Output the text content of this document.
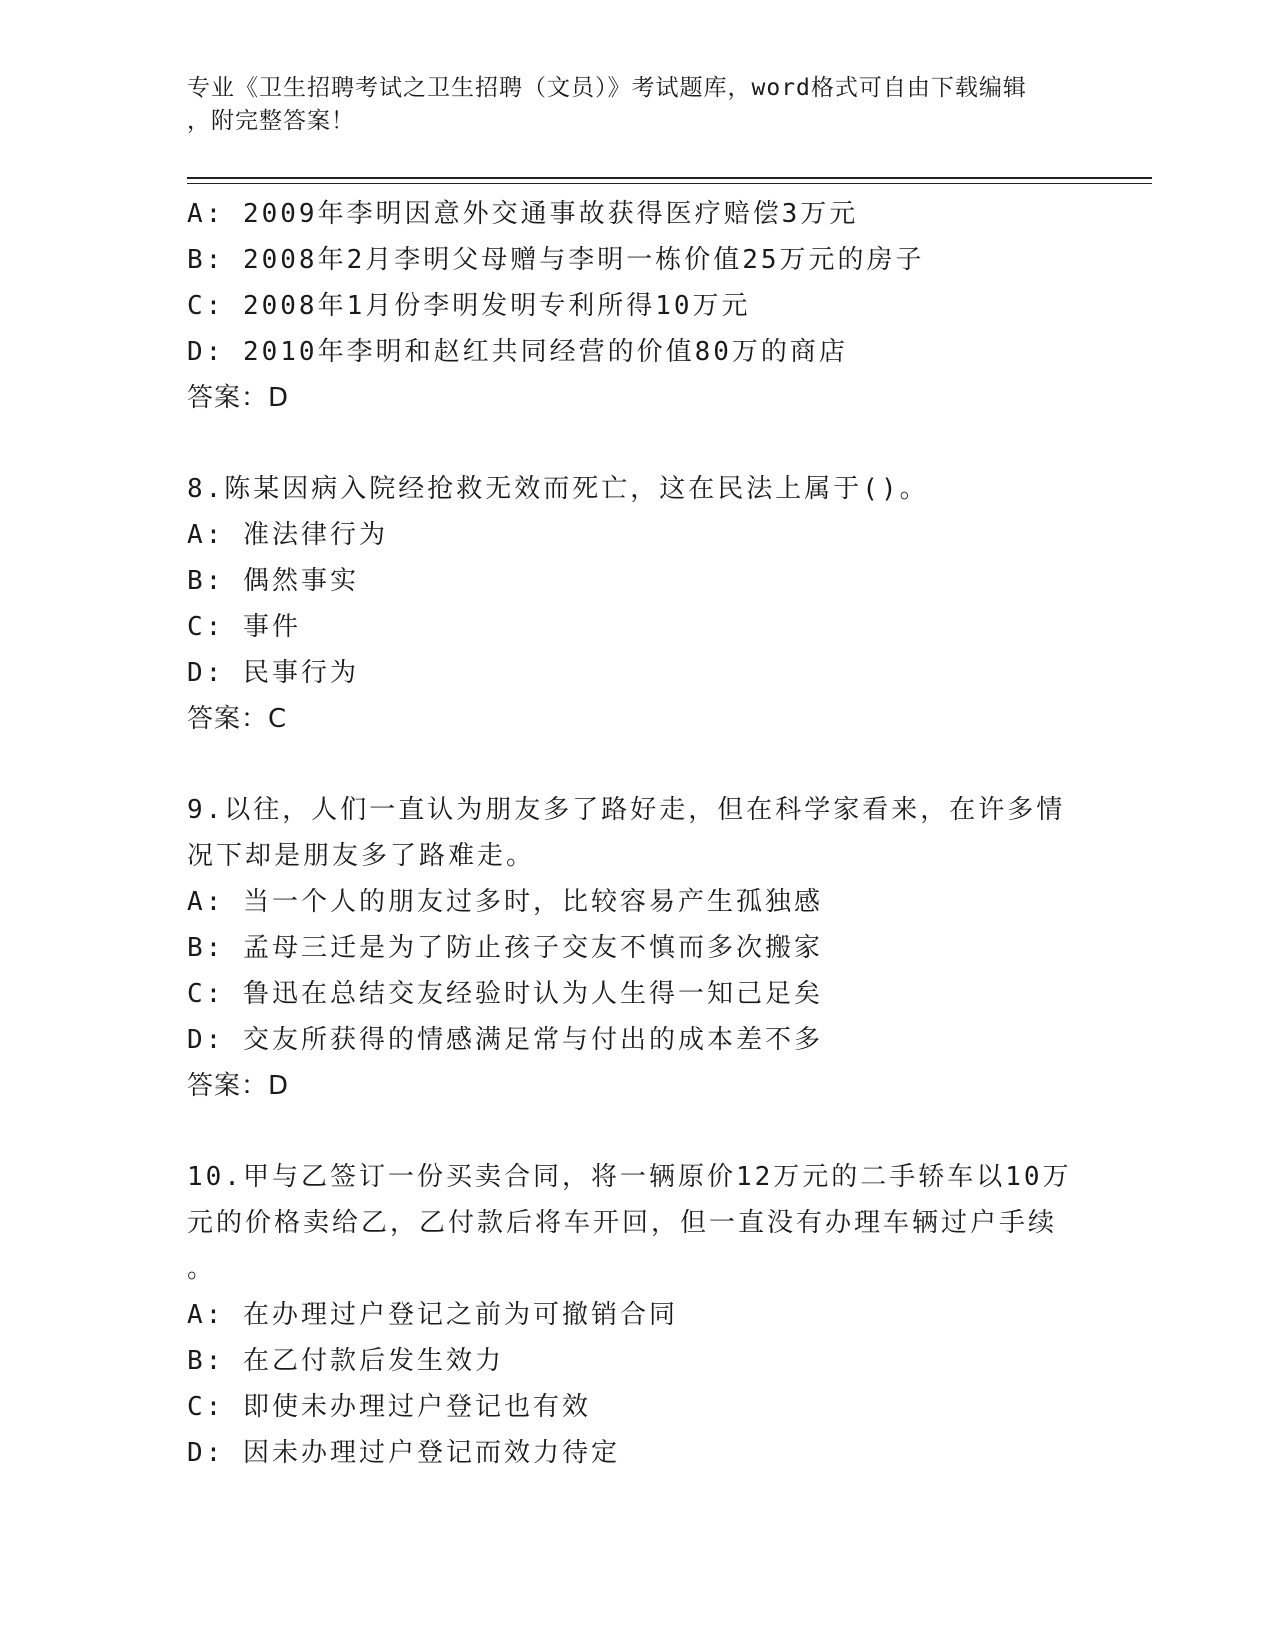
专业《卫生招聘考试之卫生招聘（文员）》考试题库，word格式可自由下载编辑
，附完整答案！
A: 2009年李明因意外交通事故获得医疗赔偿3万元
B: 2008年2月李明父母赠与李明一栋价值25万元的房子
C: 2008年1月份李明发明专利所得10万元
D: 2010年李明和赵红共同经营的价值80万的商店
答案：D
8.陈某因病入院经抢救无效而死亡，这在民法上属于()。
A: 准法律行为
B: 偶然事实
C: 事件
D: 民事行为
答案：C
9.以往，人们一直认为朋友多了路好走，但在科学家看来，在许多情
况下却是朋友多了路难走。
A: 当一个人的朋友过多时，比较容易产生孤独感
B: 孟母三迁是为了防止孩子交友不慎而多次搬家
C: 鲁迅在总结交友经验时认为人生得一知己足矣
D: 交友所获得的情感满足常与付出的成本差不多
答案：D
10.甲与乙签订一份买卖合同，将一辆原价12万元的二手轿车以10万
元的价格卖给乙，乙付款后将车开回，但一直没有办理车辆过户手续
。
A: 在办理过户登记之前为可撤销合同
B: 在乙付款后发生效力
C: 即使未办理过户登记也有效
D: 因未办理过户登记而效力待定
